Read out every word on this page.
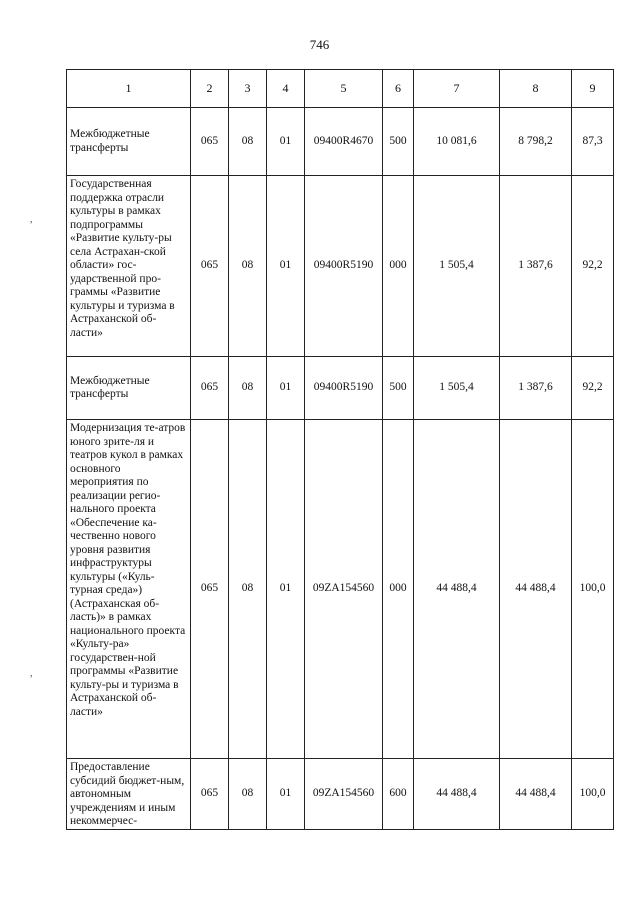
746
1	2	3	4	5	6	7	8	9
Межбюджетные трансферты	065	08	01	09400R4670	500	10 081,6	8 798,2	87,3
Государственная поддержка отрасли культуры в рамках подпрограммы «Развитие культу-ры села Астрахан-ской области» гос-ударственной про-граммы «Развитие культуры и туризма в Астраханской об-ласти»	065	08	01	09400R5190	000	1 505,4	1 387,6	92,2
Межбюджетные трансферты	065	08	01	09400R5190	500	1 505,4	1 387,6	92,2
Модернизация те-атров юного зрите-ля и театров кукол в рамках основного мероприятия по реализации регио-нального проекта «Обеспечение ка-чественно нового уровня развития инфраструктуры культуры («Куль-турная среда») (Астраханская об-ласть)» в рамках национального проекта «Культу-ра» государствен-ной программы «Развитие культу-ры и туризма в Астраханской об-ласти»	065	08	01	09ZA154560	000	44 488,4	44 488,4	100,0
Предоставление субсидий бюджет-ным, автономным учреждениям и иным некоммерчес-	065	08	01	09ZA154560	600	44 488,4	44 488,4	100,0
,
,
